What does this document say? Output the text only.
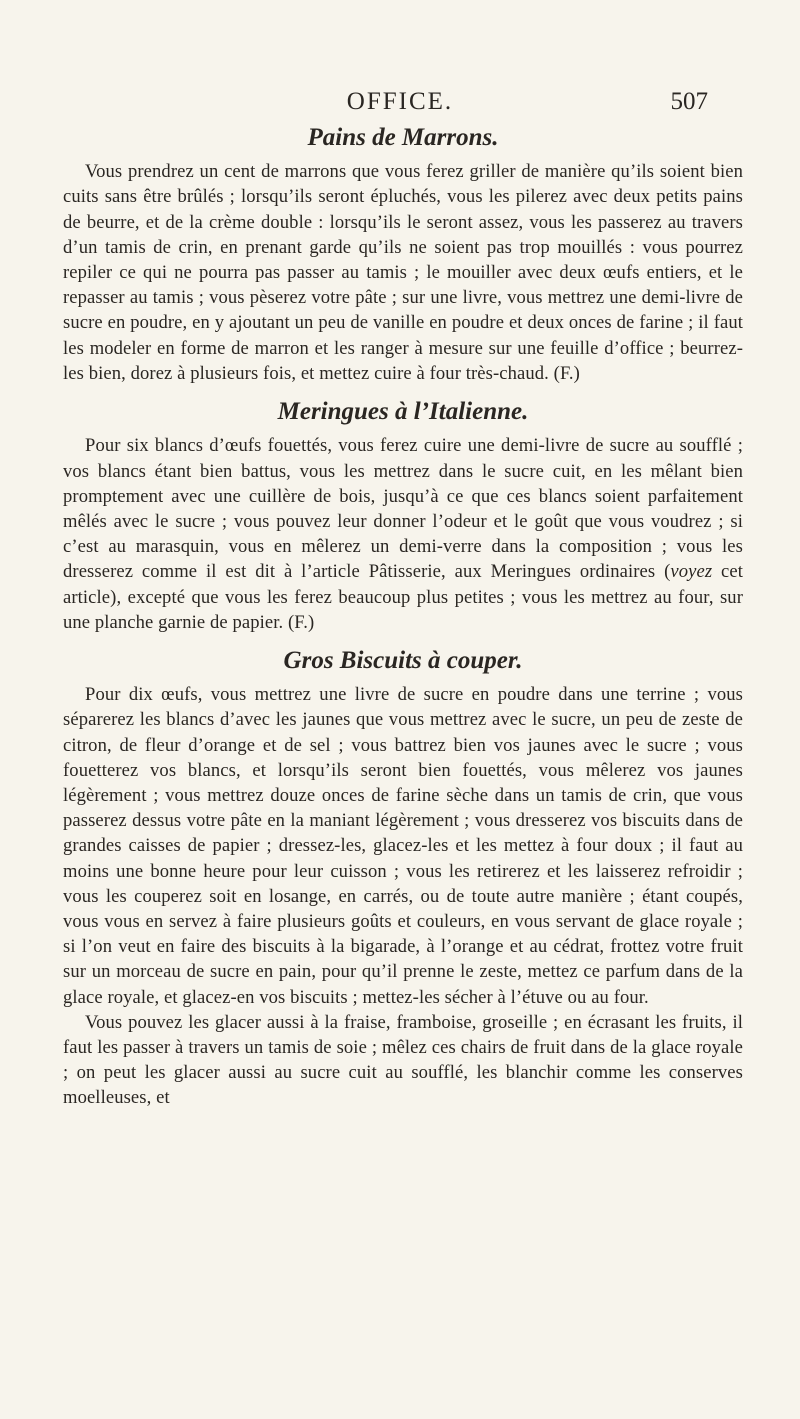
OFFICE.	507
Pains de Marrons.

Vous prendrez un cent de marrons que vous ferez griller de manière qu’ils soient bien cuits sans être brûlés ; lorsqu’ils seront épluchés, vous les pilerez avec deux petits pains de beurre, et de la crème double : lorsqu’ils le seront assez, vous les passerez au travers d’un tamis de crin, en prenant garde qu’ils ne soient pas trop mouillés : vous pourrez repiler ce qui ne pourra pas passer au tamis ; le mouiller avec deux œufs entiers, et le repasser au tamis ; vous pèserez votre pâte ; sur une livre, vous mettrez une demi-livre de sucre en poudre, en y ajoutant un peu de vanille en poudre et deux onces de farine ; il faut les modeler en forme de marron et les ranger à mesure sur une feuille d’office ; beurrez-les bien, dorez à plusieurs fois, et mettez cuire à four très-chaud. (F.)

Meringues à l’Italienne.

Pour six blancs d’œufs fouettés, vous ferez cuire une demi-livre de sucre au soufflé ; vos blancs étant bien battus, vous les mettrez dans le sucre cuit, en les mêlant bien promptement avec une cuillère de bois, jusqu’à ce que ces blancs soient parfaitement mêlés avec le sucre ; vous pouvez leur donner l’odeur et le goût que vous voudrez ; si c’est au marasquin, vous en mêlerez un demi-verre dans la composition ; vous les dresserez comme il est dit à l’article Pâtisserie, aux Meringues ordinaires (voyez cet article), excepté que vous les ferez beaucoup plus petites ; vous les mettrez au four, sur une planche garnie de papier. (F.)

Gros Biscuits à couper.

Pour dix œufs, vous mettrez une livre de sucre en poudre dans une terrine ; vous séparerez les blancs d’avec les jaunes que vous mettrez avec le sucre, un peu de zeste de citron, de fleur d’orange et de sel ; vous battrez bien vos jaunes avec le sucre ; vous fouetterez vos blancs, et lorsqu’ils seront bien fouettés, vous mêlerez vos jaunes légèrement ; vous mettrez douze onces de farine sèche dans un tamis de crin, que vous passerez dessus votre pâte en la maniant légèrement ; vous dresserez vos biscuits dans de grandes caisses de papier ; dressez-les, glacez-les et les mettez à four doux ; il faut au moins une bonne heure pour leur cuisson ; vous les retirerez et les laisserez refroidir ; vous les couperez soit en losange, en carrés, ou de toute autre manière ; étant coupés, vous vous en servez à faire plusieurs goûts et couleurs, en vous servant de glace royale ; si l’on veut en faire des biscuits à la bigarade, à l’orange et au cédrat, frottez votre fruit sur un morceau de sucre en pain, pour qu’il prenne le zeste, mettez ce parfum dans de la glace royale, et glacez-en vos biscuits ; mettez-les sécher à l’étuve ou au four.

Vous pouvez les glacer aussi à la fraise, framboise, groseille ; en écrasant les fruits, il faut les passer à travers un tamis de soie ; mêlez ces chairs de fruit dans de la glace royale ; on peut les glacer aussi au sucre cuit au soufflé, les blanchir comme les conserves moelleuses, et
